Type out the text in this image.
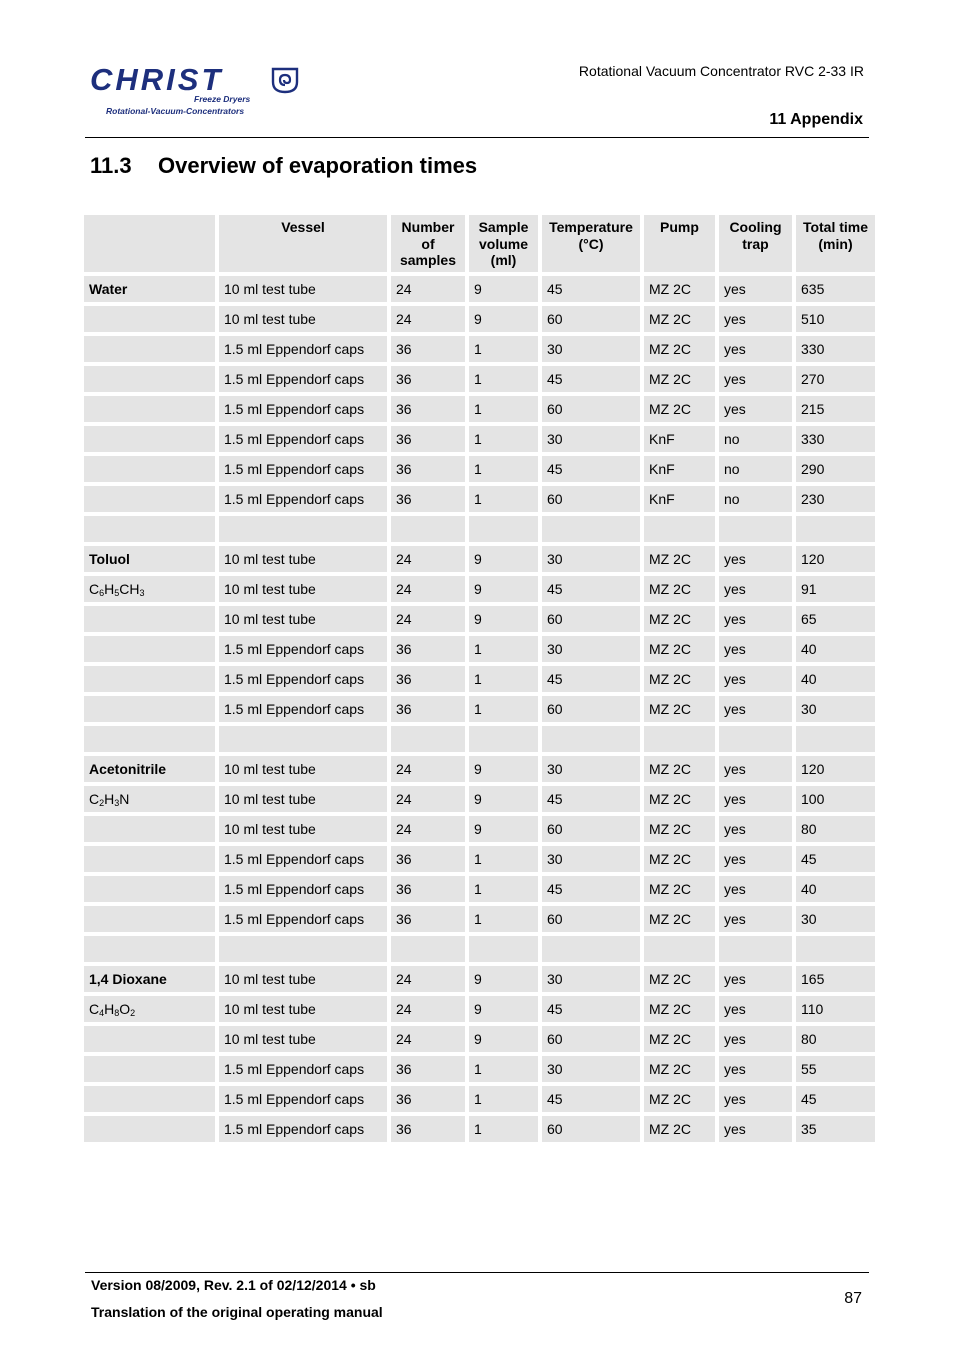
CHRIST
Freeze Dryers
Rotational-Vacuum-Concentrators
Rotational Vacuum Concentrator RVC 2-33 IR
11 Appendix
11.3 Overview of evaporation times
	Vessel	Number
of
samples	Sample
volume
(ml)	Temperature
(°C)	Pump	Cooling
trap	Total time
(min)
Water	10 ml test tube	24	9	45	MZ 2C	yes	635
	10 ml test tube	24	9	60	MZ 2C	yes	510
	1.5 ml Eppendorf caps	36	1	30	MZ 2C	yes	330
	1.5 ml Eppendorf caps	36	1	45	MZ 2C	yes	270
	1.5 ml Eppendorf caps	36	1	60	MZ 2C	yes	215
	1.5 ml Eppendorf caps	36	1	30	KnF	no	330
	1.5 ml Eppendorf caps	36	1	45	KnF	no	290
	1.5 ml Eppendorf caps	36	1	60	KnF	no	230

Toluol	10 ml test tube	24	9	30	MZ 2C	yes	120
$C_6H_5CH_3$	10 ml test tube	24	9	45	MZ 2C	yes	91
	10 ml test tube	24	9	60	MZ 2C	yes	65
	1.5 ml Eppendorf caps	36	1	30	MZ 2C	yes	40
	1.5 ml Eppendorf caps	36	1	45	MZ 2C	yes	40
	1.5 ml Eppendorf caps	36	1	60	MZ 2C	yes	30

Acetonitrile	10 ml test tube	24	9	30	MZ 2C	yes	120
$C_2H_3N$	10 ml test tube	24	9	45	MZ 2C	yes	100
	10 ml test tube	24	9	60	MZ 2C	yes	80
	1.5 ml Eppendorf caps	36	1	30	MZ 2C	yes	45
	1.5 ml Eppendorf caps	36	1	45	MZ 2C	yes	40
	1.5 ml Eppendorf caps	36	1	60	MZ 2C	yes	30

1,4 Dioxane	10 ml test tube	24	9	30	MZ 2C	yes	165
$C_4H_8O_2$	10 ml test tube	24	9	45	MZ 2C	yes	110
	10 ml test tube	24	9	60	MZ 2C	yes	80
	1.5 ml Eppendorf caps	36	1	30	MZ 2C	yes	55
	1.5 ml Eppendorf caps	36	1	45	MZ 2C	yes	45
	1.5 ml Eppendorf caps	36	1	60	MZ 2C	yes	35
Version 08/2009, Rev. 2.1 of 02/12/2014 • sb
Translation of the original operating manual
87
